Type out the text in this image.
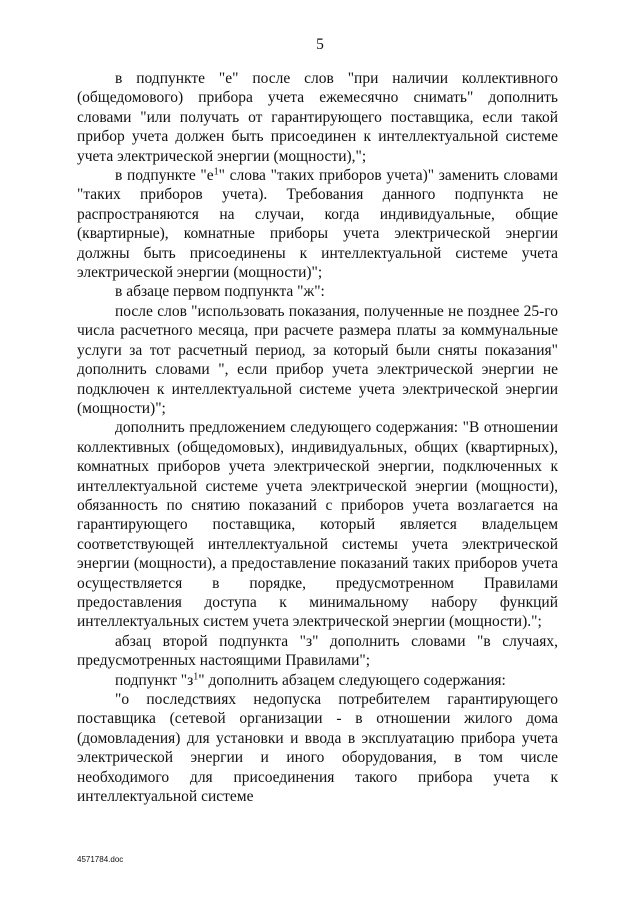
5

в подпункте "е" после слов "при наличии коллективного (общедомового) прибора учета ежемесячно снимать" дополнить словами "или получать от гарантирующего поставщика, если такой прибор учета должен быть присоединен к интеллектуальной системе учета электрической энергии (мощности),";

в подпункте "$е^1$" слова "таких приборов учета)" заменить словами "таких приборов учета). Требования данного подпункта не распространяются на случаи, когда индивидуальные, общие (квартирные), комнатные приборы учета электрической энергии должны быть присоединены к интеллектуальной системе учета электрической энергии (мощности)";

в абзаце первом подпункта "ж":

после слов "использовать показания, полученные не позднее 25-го числа расчетного месяца, при расчете размера платы за коммунальные услуги за тот расчетный период, за который были сняты показания" дополнить словами ", если прибор учета электрической энергии не подключен к интеллектуальной системе учета электрической энергии (мощности)";

дополнить предложением следующего содержания: "В отношении коллективных (общедомовых), индивидуальных, общих (квартирных), комнатных приборов учета электрической энергии, подключенных к интеллектуальной системе учета электрической энергии (мощности), обязанность по снятию показаний с приборов учета возлагается на гарантирующего поставщика, который является владельцем соответствующей интеллектуальной системы учета электрической энергии (мощности), а предоставление показаний таких приборов учета осуществляется в порядке, предусмотренном Правилами предоставления доступа к минимальному набору функций интеллектуальных систем учета электрической энергии (мощности).";

абзац второй подпункта "з" дополнить словами "в случаях, предусмотренных настоящими Правилами";

подпункт "$з^1$" дополнить абзацем следующего содержания:

"о последствиях недопуска потребителем гарантирующего поставщика (сетевой организации - в отношении жилого дома (домовладения) для установки и ввода в эксплуатацию прибора учета электрической энергии и иного оборудования, в том числе необходимого для присоединения такого прибора учета к интеллектуальной системе

4571784.doc
